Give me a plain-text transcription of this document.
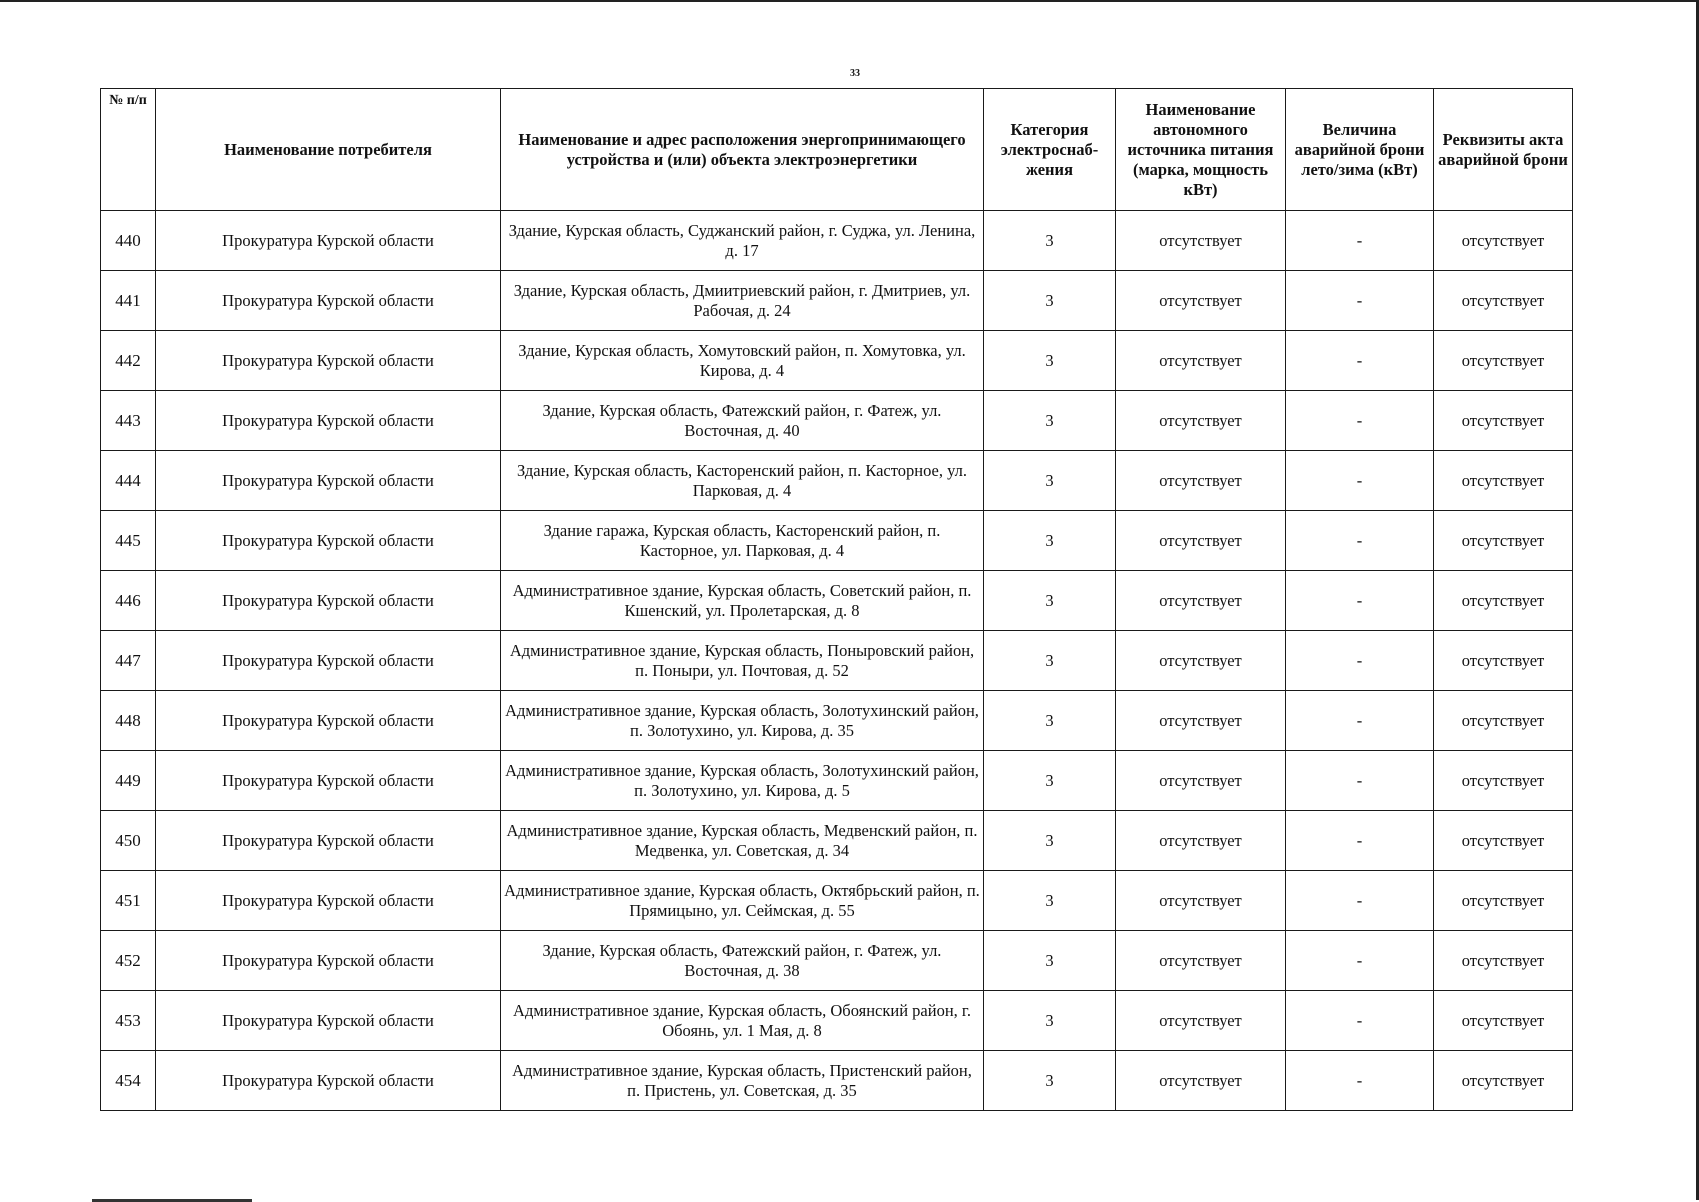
33
№ п/п	Наименование потребителя	Наименование и адрес расположения энергопринимающего устройства и (или) объекта электроэнергетики	Категория электроснаб-жения	Наименование автономного источника питания (марка, мощность кВт)	Величина аварийной брони лето/зима (кВт)	Реквизиты акта аварийной брони
440	Прокуратура Курской области	Здание, Курская область, Суджанский район, г. Суджа, ул. Ленина, д. 17	3	отсутствует	-	отсутствует
441	Прокуратура Курской области	Здание, Курская область, Дмиитриевский район, г. Дмитриев, ул. Рабочая, д. 24	3	отсутствует	-	отсутствует
442	Прокуратура Курской области	Здание, Курская область, Хомутовский район, п. Хомутовка, ул. Кирова, д. 4	3	отсутствует	-	отсутствует
443	Прокуратура Курской области	Здание, Курская область, Фатежский район, г. Фатеж, ул. Восточная, д. 40	3	отсутствует	-	отсутствует
444	Прокуратура Курской области	Здание, Курская область, Касторенский район, п. Касторное, ул. Парковая, д. 4	3	отсутствует	-	отсутствует
445	Прокуратура Курской области	Здание гаража, Курская область, Касторенский район, п. Касторное, ул. Парковая, д. 4	3	отсутствует	-	отсутствует
446	Прокуратура Курской области	Административное здание, Курская область, Советский район, п. Кшенский, ул. Пролетарская, д. 8	3	отсутствует	-	отсутствует
447	Прокуратура Курской области	Административное здание, Курская область, Поныровский район, п. Поныри, ул. Почтовая, д. 52	3	отсутствует	-	отсутствует
448	Прокуратура Курской области	Административное здание, Курская область, Золотухинский район, п. Золотухино, ул. Кирова, д. 35	3	отсутствует	-	отсутствует
449	Прокуратура Курской области	Административное здание, Курская область, Золотухинский район, п. Золотухино, ул. Кирова, д. 5	3	отсутствует	-	отсутствует
450	Прокуратура Курской области	Административное здание, Курская область, Медвенский район, п. Медвенка, ул. Советская, д. 34	3	отсутствует	-	отсутствует
451	Прокуратура Курской области	Административное здание, Курская область, Октябрьский район, п. Прямицыно, ул. Сеймская, д. 55	3	отсутствует	-	отсутствует
452	Прокуратура Курской области	Здание, Курская область, Фатежский район, г. Фатеж, ул. Восточная, д. 38	3	отсутствует	-	отсутствует
453	Прокуратура Курской области	Административное здание, Курская область, Обоянский район, г. Обоянь, ул. 1 Мая, д. 8	3	отсутствует	-	отсутствует
454	Прокуратура Курской области	Административное здание, Курская область, Пристенский район, п. Пристень, ул. Советская, д. 35	3	отсутствует	-	отсутствует
